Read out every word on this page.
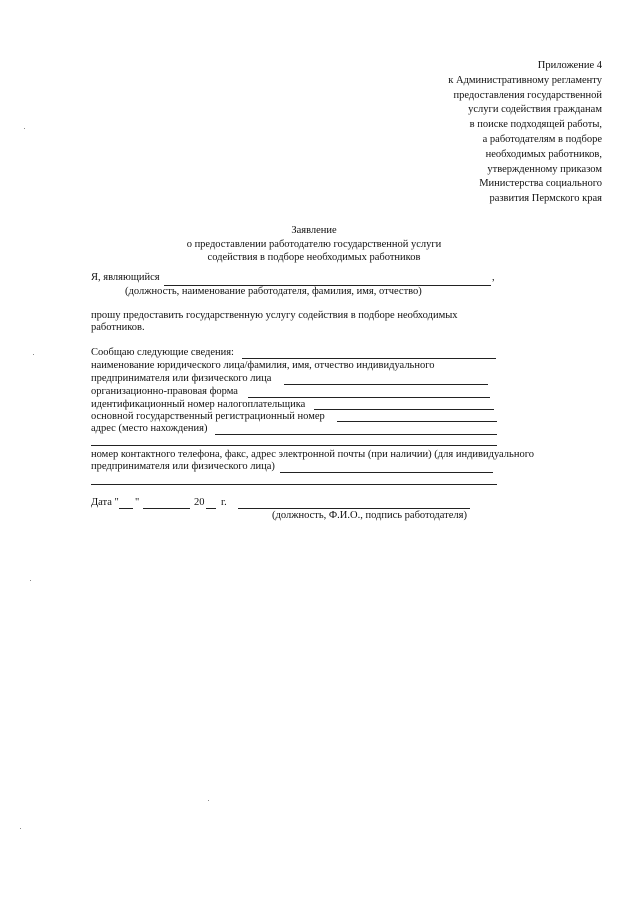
Приложение 4
к Административному регламенту
предоставления государственной
услуги содействия гражданам
в поиске подходящей работы,
а работодателям в подборе
необходимых работников,
утвержденному приказом
Министерства социального
развития Пермского края
Заявление
о предоставлении работодателю государственной услуги
содействия в подборе необходимых работников
Я, являющийся	,
(должность, наименование работодателя, фамилия, имя, отчество)
прошу предоставить государственную услугу содействия в подборе необходимых
работников.
Сообщаю следующие сведения:
наименование юридического лица/фамилия, имя, отчество индивидуального
предпринимателя или физического лица
организационно-правовая форма
идентификационный номер налогоплательщика
основной государственный регистрационный номер
адрес (место нахождения)
номер контактного телефона, факс, адрес электронной почты (при наличии) (для индивидуального
предпринимателя или физического лица)
Дата " "	20 г.
(должность, Ф.И.О., подпись работодателя)
